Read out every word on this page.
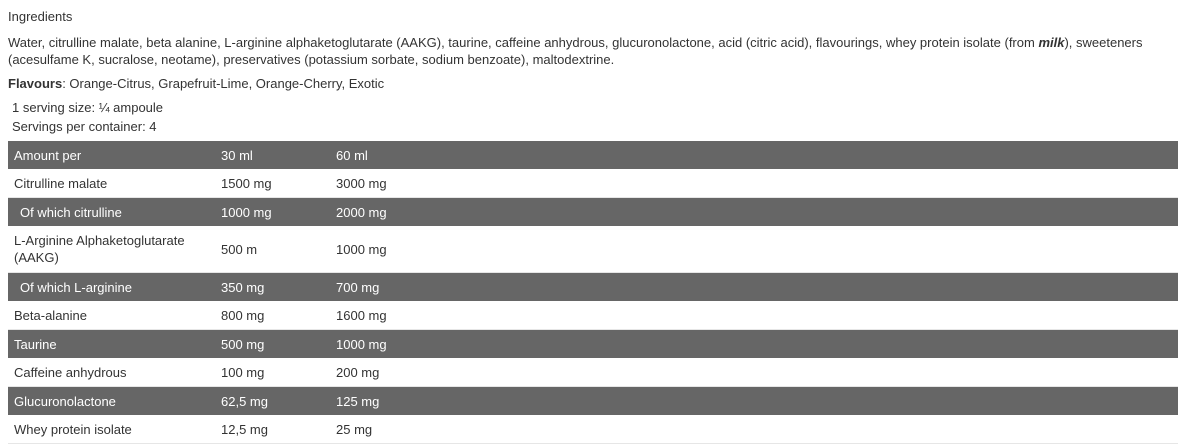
Ingredients
Water, citrulline malate, beta alanine, L-arginine alphaketoglutarate (AAKG), taurine, caffeine anhydrous, glucuronolactone, acid (citric acid), flavourings, whey protein isolate (from milk), sweeteners (acesulfame K, sucralose, neotame), preservatives (potassium sorbate, sodium benzoate), maltodextrine.
Flavours: Orange-Citrus, Grapefruit-Lime, Orange-Cherry, Exotic
1 serving size: ¼ ampoule
Servings per container: 4
Amount per	30 ml	60 ml
Citrulline malate	1500 mg	3000 mg
Of which citrulline	1000 mg	2000 mg
L-Arginine Alphaketoglutarate (AAKG)	500 m	1000 mg
Of which L-arginine	350 mg	700 mg
Beta-alanine	800 mg	1600 mg
Taurine	500 mg	1000 mg
Caffeine anhydrous	100 mg	200 mg
Glucuronolactone	62,5 mg	125 mg
Whey protein isolate	12,5 mg	25 mg
